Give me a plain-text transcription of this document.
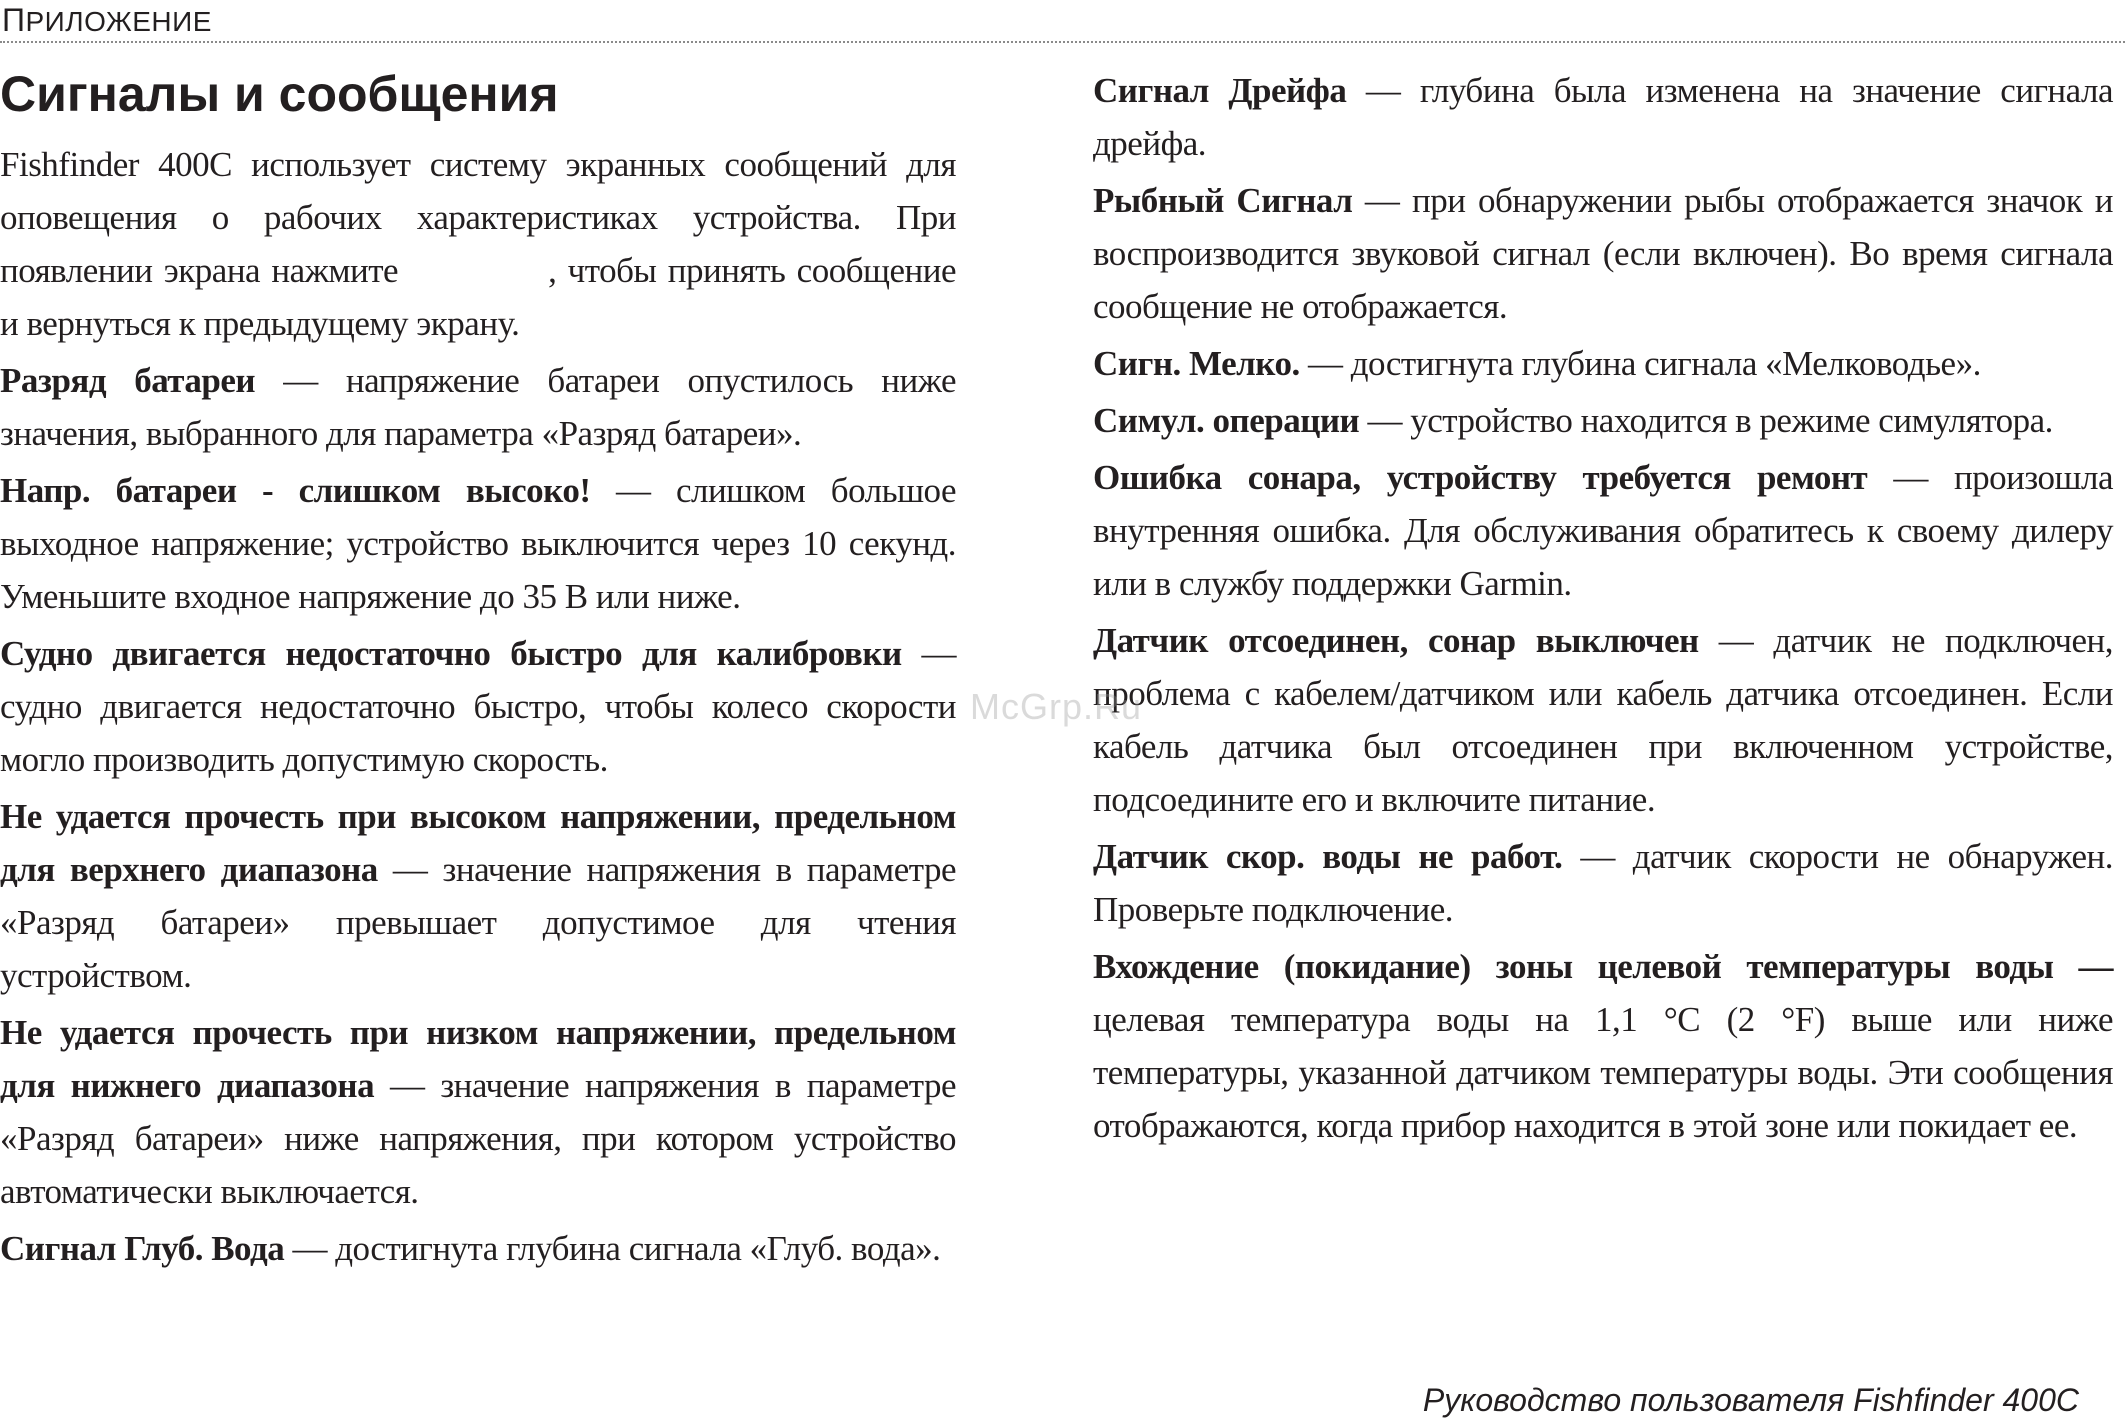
ПРИЛОЖЕНИЕ
Сигналы и сообщения

Fishfinder 400C использует систему экранных сообщений для оповещения о рабочих характеристиках устройства. При появлении экрана нажмите	, чтобы принять сообщение и вернуться к предыдущему экрану.

Разряд батареи — напряжение батареи опустилось ниже значения, выбранного для параметра «Разряд батареи».

Напр. батареи - слишком высоко! — слишком большое выходное напряжение; устройство выключится через 10 секунд. Уменьшите входное напряжение до 35 В или ниже.

Судно двигается недостаточно быстро для калибровки — судно двигается недостаточно быстро, чтобы колесо скорости могло производить допустимую скорость.

Не удается прочесть при высоком напряжении, предельном для верхнего диапазона — значение напряжения в параметре «Разряд батареи» превышает допустимое для чтения устройством.

Не удается прочесть при низком напряжении, предельном для нижнего диапазона — значение напряжения в параметре «Разряд батареи» ниже напряжения, при котором устройство автоматически выключается.

Сигнал Глуб. Вода — достигнута глубина сигнала «Глуб. вода».

Сигнал Дрейфа — глубина была изменена на значение сигнала дрейфа.

Рыбный Сигнал — при обнаружении рыбы отображается значок и воспроизводится звуковой сигнал (если включен). Во время сигнала сообщение не отображается.

Сигн. Мелко. — достигнута глубина сигнала «Мелководье».

Симул. операции — устройство находится в режиме симулятора.

Ошибка сонара, устройству требуется ремонт — произошла внутренняя ошибка. Для обслуживания обратитесь к своему дилеру или в службу поддержки Garmin.

Датчик отсоединен, сонар выключен — датчик не подключен, проблема с кабелем/датчиком или кабель датчика отсоединен. Если кабель датчика был отсоединен при включенном устройстве, подсоедините его и включите питание.

Датчик скор. воды не работ. — датчик скорости не обнаружен. Проверьте подключение.

Вхождение (покидание) зоны целевой температуры воды — целевая температура воды на 1,1 °C (2 °F) выше или ниже температуры, указанной датчиком температуры воды. Эти сообщения отображаются, когда прибор находится в этой зоне или покидает ее.

McGrp.Ru
Руководство пользователя Fishfinder 400C
